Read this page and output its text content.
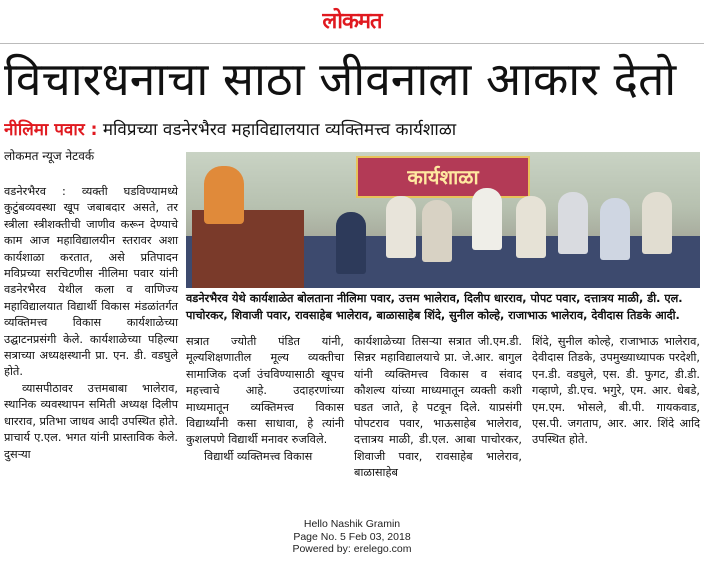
लोकमत
विचारधनाचा साठा जीवनाला आकार देतो
नीलिमा पवार : मविप्रच्या वडनेरभैरव महाविद्यालयात व्यक्तिमत्त्व कार्यशाळा
लोकमत न्यूज नेटवर्क

वडनेरभैरव : व्यक्ती घडविण्यामध्ये कुटुंबव्यवस्था खूप जबाबदार असते, तर स्त्रीला स्त्रीशक्तीची जाणीव करून देण्याचे काम आज महाविद्यालयीन स्तरावर अशा कार्यशाळा करतात, असे प्रतिपादन मविप्रच्या सरचिटणीस नीलिमा पवार यांनी वडनेरभैरव येथील कला व वाणिज्य महाविद्यालयात विद्यार्थी विकास मंडळांतर्गत व्यक्तिमत्त्व विकास कार्यशाळेच्या उद्घाटनप्रसंगी केले. कार्यशाळेच्या पहिल्या सत्राच्या अध्यक्षस्थानी प्रा. एन. डी. वडघुले होते.

व्यासपीठावर उत्तमबाबा भालेराव, स्थानिक व्यवस्थापन समिती अध्यक्ष दिलीप धारराव, प्रतिभा जाधव आदी उपस्थित होते. प्राचार्य ए.एल. भगत यांनी प्रास्ताविक केले. दुसऱ्या

कार्यशाळा
वडनेरभैरव येथे कार्यशाळेत बोलताना नीलिमा पवार, उत्तम भालेराव, दिलीप धारराव, पोपट पवार, दत्तात्रय माळी, डी. एल. पाचोरकर, शिवाजी पवार, रावसाहेब भालेराव, बाळासाहेब शिंदे, सुनील कोल्हे, राजाभाऊ भालेराव, देवीदास तिडके आदी.

सत्रात ज्योती पंडित यांनी, मूल्यशिक्षणातील मूल्य व्यक्तीचा सामाजिक दर्जा उंचविण्यासाठी खूपच महत्त्वाचे आहे. उदाहरणांच्या माध्यमातून व्यक्तिमत्त्व विकास विद्यार्थ्यांनी कसा साधावा, हे त्यांनी कुशलपणे विद्यार्थी मनावर रुजविले.

विद्यार्थी व्यक्तिमत्त्व विकास

कार्यशाळेच्या तिसऱ्या सत्रात जी.एम.डी. सिन्नर महाविद्यालयाचे प्रा. जे.आर. बागुल यांनी व्यक्तिमत्त्व विकास व संवाद कौशल्य यांच्या माध्यमातून व्यक्ती कशी घडत जाते, हे पटवून दिले. याप्रसंगी पोपटराव पवार, भाऊसाहेब भालेराव, दत्तात्रय माळी, डी.एल. आबा पाचोरकर, शिवाजी पवार, रावसाहेब भालेराव, बाळासाहेब

शिंदे, सुनील कोल्हे, राजाभाऊ भालेराव, देवीदास तिडके, उपमुख्याध्यापक परदेशी, एन.डी. वडघुले, एस. डी. फुगट, डी.डी. गव्हाणे, डी.एच. भगुरे, एम. आर. धेबडे, एम.एम. भोसले, बी.पी. गायकवाड, एस.पी. जगताप, आर. आर. शिंदे आदि उपस्थित होते.

Hello Nashik Gramin
Page No. 5 Feb 03, 2018
Powered by: erelego.com
